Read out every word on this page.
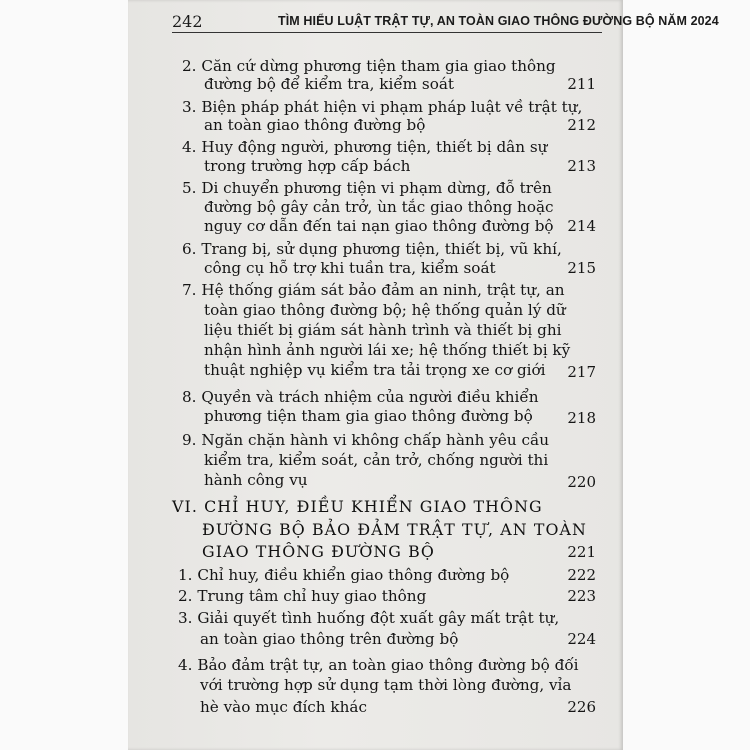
242	TÌM HIỂU LUẬT TRẬT TỰ, AN TOÀN GIAO THÔNG ĐƯỜNG BỘ NĂM 2024
2. Căn cứ dừng phương tiện tham gia giao thông
đường bộ để kiểm tra, kiểm soát	211
3. Biện pháp phát hiện vi phạm pháp luật về trật tự,
an toàn giao thông đường bộ	212
4. Huy động người, phương tiện, thiết bị dân sự
trong trường hợp cấp bách	213
5. Di chuyển phương tiện vi phạm dừng, đỗ trên
đường bộ gây cản trở, ùn tắc giao thông hoặc
nguy cơ dẫn đến tai nạn giao thông đường bộ 214
6. Trang bị, sử dụng phương tiện, thiết bị, vũ khí,
công cụ hỗ trợ khi tuần tra, kiểm soát	215
7. Hệ thống giám sát bảo đảm an ninh, trật tự, an
toàn giao thông đường bộ; hệ thống quản lý dữ
liệu thiết bị giám sát hành trình và thiết bị ghi
nhận hình ảnh người lái xe; hệ thống thiết bị kỹ
thuật nghiệp vụ kiểm tra tải trọng xe cơ giới	217
8. Quyền và trách nhiệm của người điều khiển
phương tiện tham gia giao thông đường bộ	218
9. Ngăn chặn hành vi không chấp hành yêu cầu
kiểm tra, kiểm soát, cản trở, chống người thi
hành công vụ	220
VI. CHỈ HUY, ĐIỀU KHIỂN GIAO THÔNG
ĐƯỜNG BỘ BẢO ĐẢM TRẬT TỰ, AN TOÀN
GIAO THÔNG ĐƯỜNG BỘ	221
1. Chỉ huy, điều khiển giao thông đường bộ	222
2. Trung tâm chỉ huy giao thông	223
3. Giải quyết tình huống đột xuất gây mất trật tự,
an toàn giao thông trên đường bộ	224
4. Bảo đảm trật tự, an toàn giao thông đường bộ đối
với trường hợp sử dụng tạm thời lòng đường, vỉa
hè vào mục đích khác	226
